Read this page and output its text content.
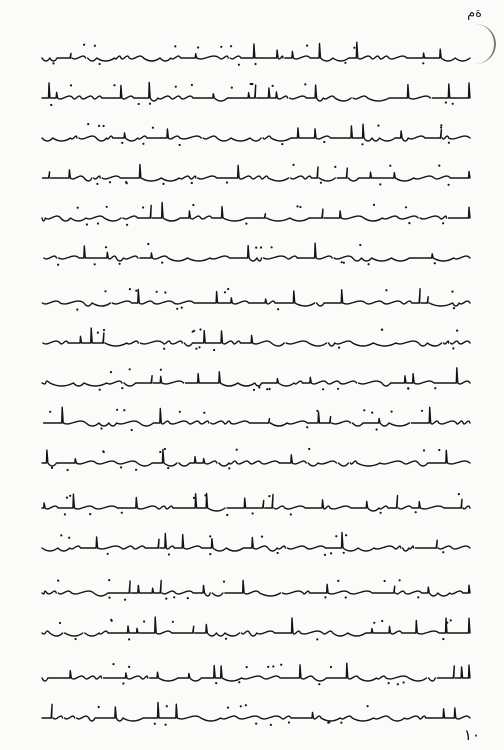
ﺓﻡ
١٠
